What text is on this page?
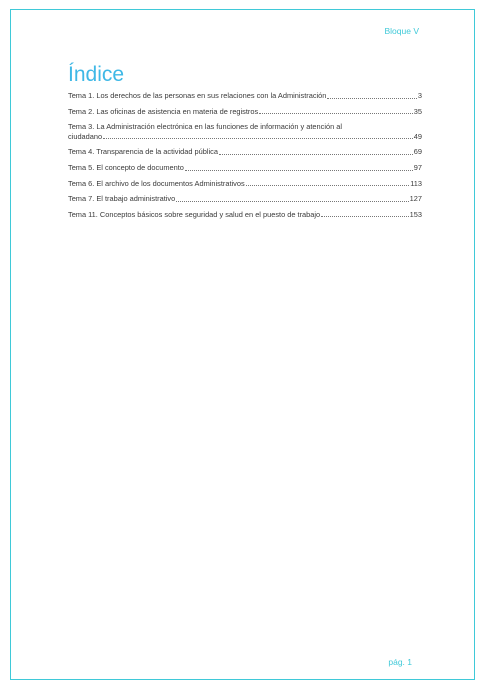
Bloque V
Índice
Tema 1. Los derechos de las personas en sus relaciones con la Administración	3
Tema 2. Las oficinas de asistencia en materia de registros	35
Tema 3. La Administración electrónica en las funciones de información y atención al
ciudadano	49
Tema 4. Transparencia de la actividad pública	69
Tema 5. El concepto de documento	97
Tema 6. El archivo de los documentos Administrativos	113
Tema 7. El trabajo administrativo	127
Tema 11. Conceptos básicos sobre seguridad y salud en el puesto de trabajo	153
pág. 1
